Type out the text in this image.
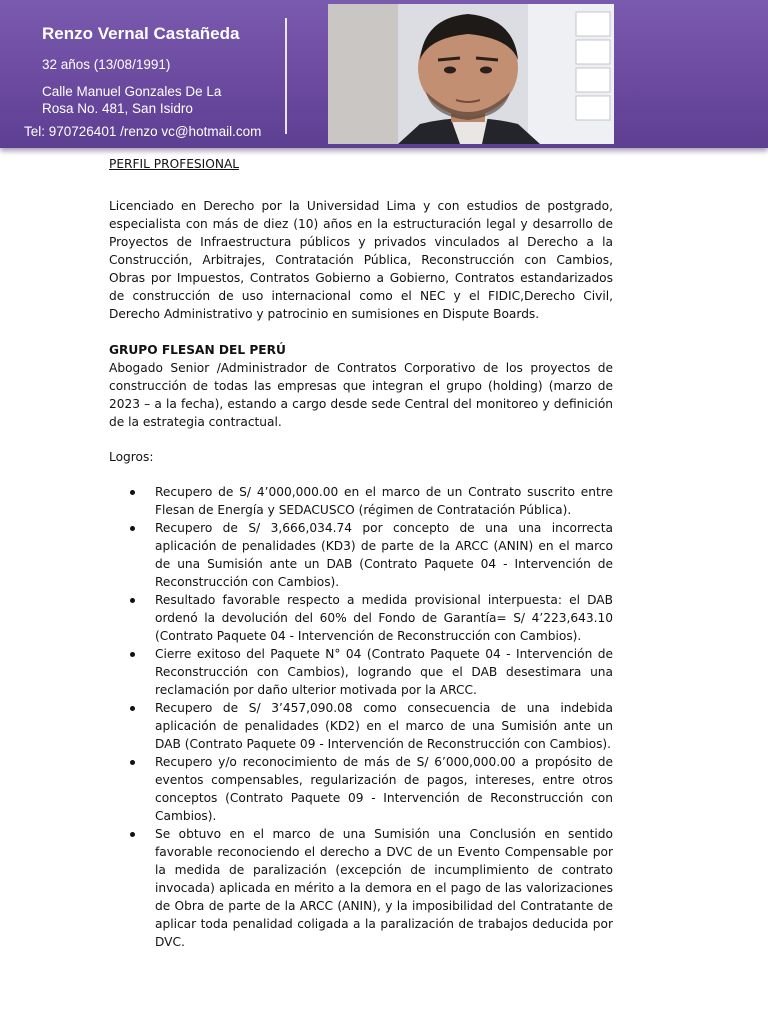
Renzo Vernal Castañeda
32 años (13/08/1991)
Calle Manuel Gonzales De La Rosa No. 481, San Isidro
Tel: 970726401 /renzo vc@hotmail.com

PERFIL PROFESIONAL

Licenciado en Derecho por la Universidad Lima y con estudios de postgrado, especialista con más de diez (10) años en la estructuración legal y desarrollo de Proyectos de Infraestructura públicos y privados vinculados al Derecho a la Construcción, Arbitrajes, Contratación Pública, Reconstrucción con Cambios, Obras por Impuestos, Contratos Gobierno a Gobierno, Contratos estandarizados de construcción de uso internacional como el NEC y el FIDIC,Derecho Civil, Derecho Administrativo y patrocinio en sumisiones en Dispute Boards.

GRUPO FLESAN DEL PERÚ

Abogado Senior /Administrador de Contratos Corporativo de los proyectos de construcción de todas las empresas que integran el grupo (holding) (marzo de 2023 – a la fecha), estando a cargo desde sede Central del monitoreo y definición de la estrategia contractual.

Logros:

Recupero de S/ 4’000,000.00 en el marco de un Contrato suscrito entre Flesan de Energía y SEDACUSCO (régimen de Contratación Pública).
Recupero de S/ 3,666,034.74 por concepto de una una incorrecta aplicación de penalidades (KD3) de parte de la ARCC (ANIN) en el marco de una Sumisión ante un DAB (Contrato Paquete 04 - Intervención de Reconstrucción con Cambios).
Resultado favorable respecto a medida provisional interpuesta: el DAB ordenó la devolución del 60% del Fondo de Garantía= S/ 4’223,643.10 (Contrato Paquete 04 - Intervención de Reconstrucción con Cambios).
Cierre exitoso del Paquete N° 04 (Contrato Paquete 04 - Intervención de Reconstrucción con Cambios), logrando que el DAB desestimara una reclamación por daño ulterior motivada por la ARCC.
Recupero de S/ 3’457,090.08 como consecuencia de una indebida aplicación de penalidades (KD2) en el marco de una Sumisión ante un DAB (Contrato Paquete 09 - Intervención de Reconstrucción con Cambios).
Recupero y/o reconocimiento de más de S/ 6’000,000.00 a propósito de eventos compensables, regularización de pagos, intereses, entre otros conceptos (Contrato Paquete 09 - Intervención de Reconstrucción con Cambios).
Se obtuvo en el marco de una Sumisión una Conclusión en sentido favorable reconociendo el derecho a DVC de un Evento Compensable por la medida de paralización (excepción de incumplimiento de contrato invocada) aplicada en mérito a la demora en el pago de las valorizaciones de Obra de parte de la ARCC (ANIN), y la imposibilidad del Contratante de aplicar toda penalidad coligada a la paralización de trabajos deducida por DVC.
